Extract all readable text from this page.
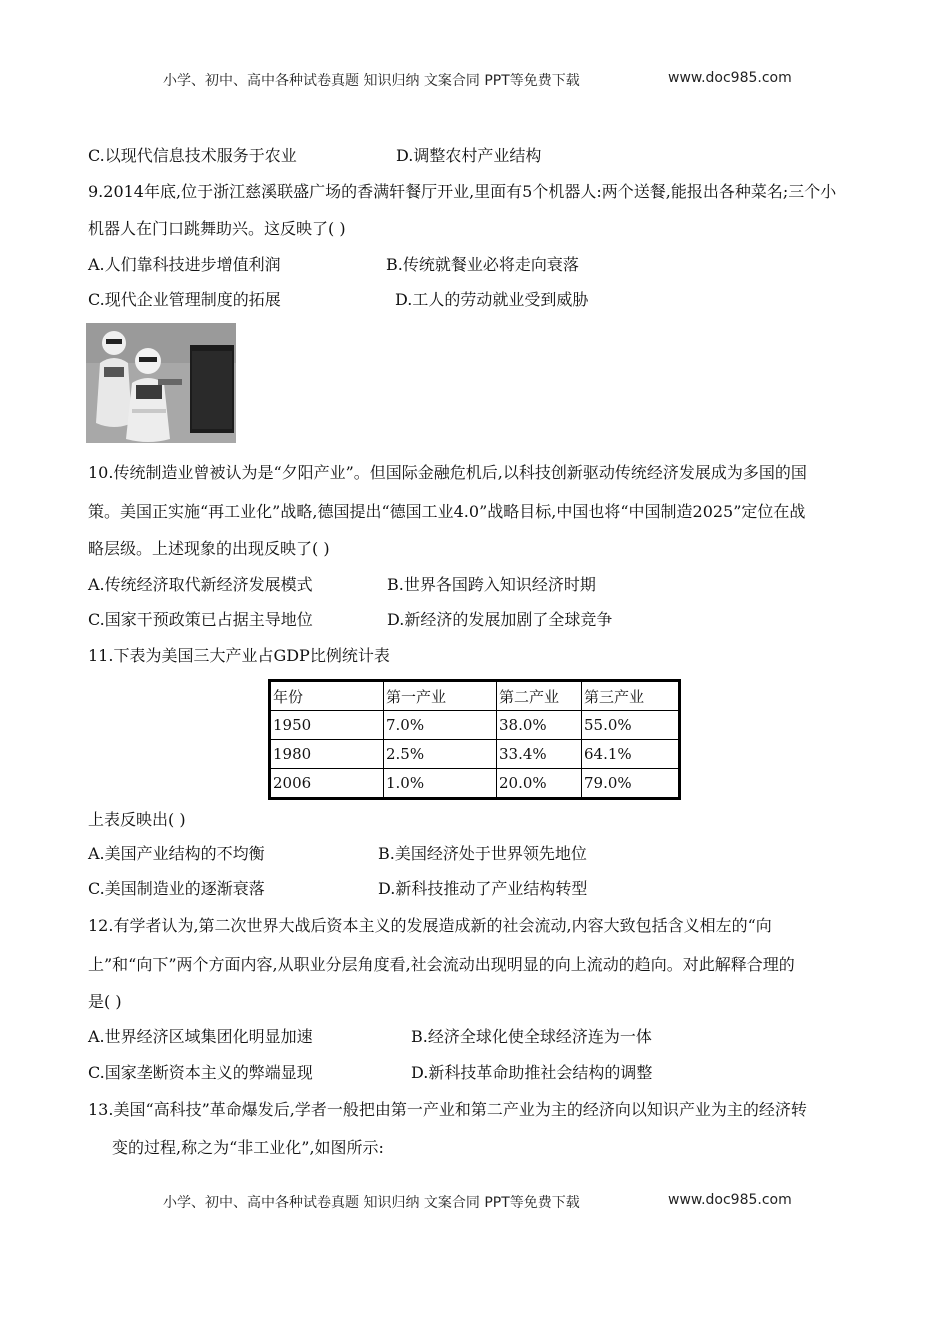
小学、初中、高中各种试卷真题 知识归纳 文案合同 PPT等免费下载	www.doc985.com
C.以现代信息技术服务于农业	D.调整农村产业结构
9.2014年底,位于浙江慈溪联盛广场的香满轩餐厅开业,里面有5个机器人:两个送餐,能报出各种菜名;三个小
机器人在门口跳舞助兴。这反映了( )
A.人们靠科技进步增值利润	B.传统就餐业必将走向衰落
C.现代企业管理制度的拓展	D.工人的劳动就业受到威胁
10.传统制造业曾被认为是“夕阳产业”。但国际金融危机后,以科技创新驱动传统经济发展成为多国的国
策。美国正实施“再工业化”战略,德国提出“德国工业4.0”战略目标,中国也将“中国制造2025”定位在战
略层级。上述现象的出现反映了( )
A.传统经济取代新经济发展模式	B.世界各国跨入知识经济时期
C.国家干预政策已占据主导地位	D.新经济的发展加剧了全球竞争
11.下表为美国三大产业占GDP比例统计表
年份	第一产业	第二产业	第三产业
1950	7.0%	38.0%	55.0%
1980	2.5%	33.4%	64.1%
2006	1.0%	20.0%	79.0%
上表反映出( )
A.美国产业结构的不均衡	B.美国经济处于世界领先地位
C.美国制造业的逐渐衰落	D.新科技推动了产业结构转型
12.有学者认为,第二次世界大战后资本主义的发展造成新的社会流动,内容大致包括含义相左的“向
上”和“向下”两个方面内容,从职业分层角度看,社会流动出现明显的向上流动的趋向。对此解释合理的
是( )
A.世界经济区域集团化明显加速	B.经济全球化使全球经济连为一体
C.国家垄断资本主义的弊端显现	D.新科技革命助推社会结构的调整
13.美国“高科技”革命爆发后,学者一般把由第一产业和第二产业为主的经济向以知识产业为主的经济转
变的过程,称之为“非工业化”,如图所示:
小学、初中、高中各种试卷真题 知识归纳 文案合同 PPT等免费下载	www.doc985.com
